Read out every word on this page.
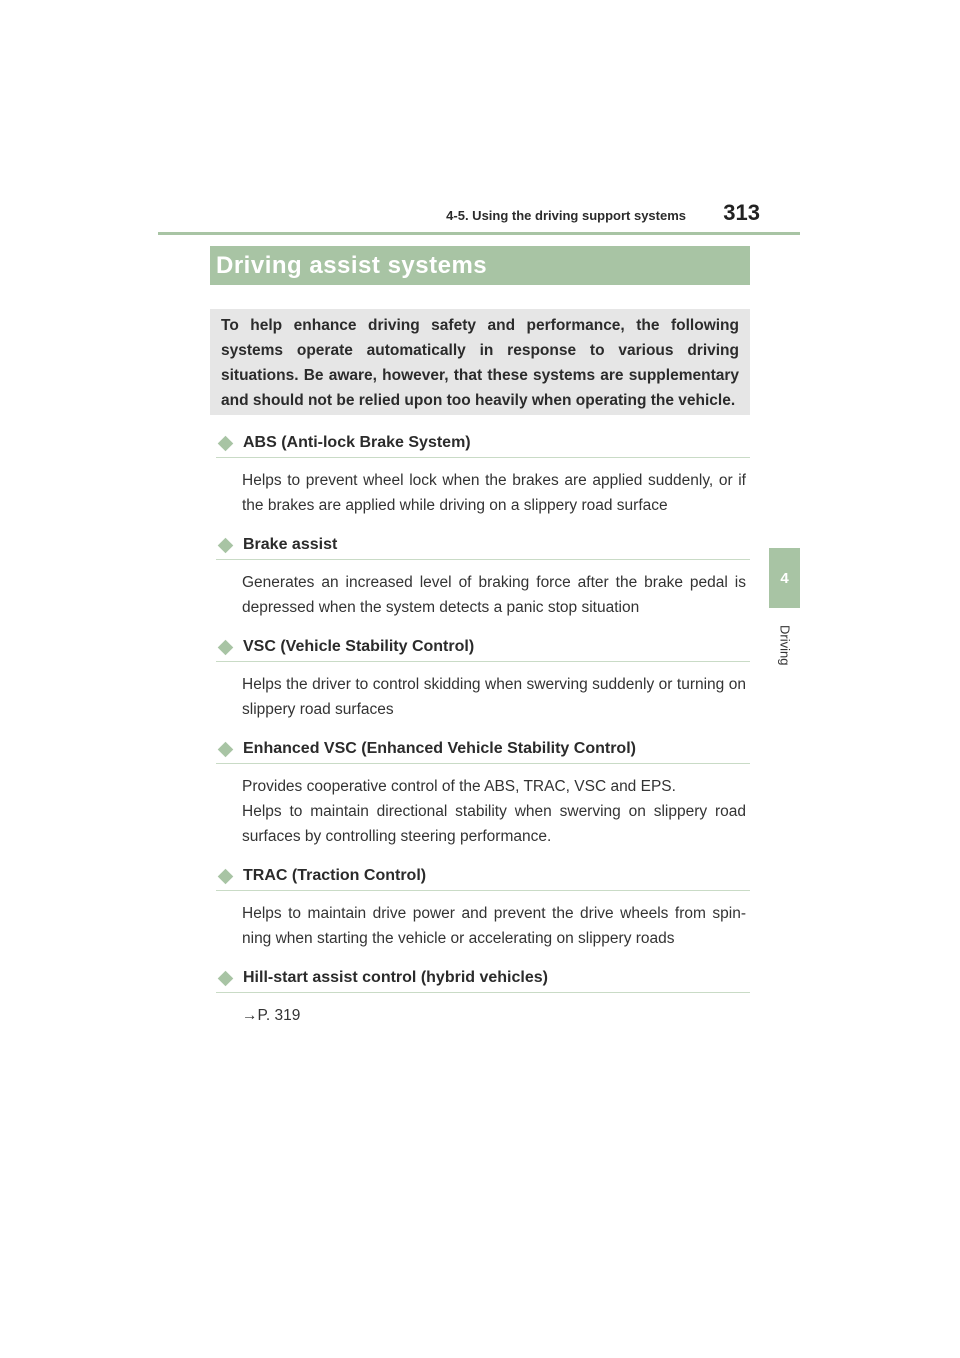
4-5. Using the driving support systems	313
4
Driving
Driving assist systems
To help enhance driving safety and performance, the following systems operate automatically in response to various driving situations. Be aware, however, that these systems are supplementary and should not be relied upon too heavily when operating the vehicle.
ABS (Anti-lock Brake System)

Helps to prevent wheel lock when the brakes are applied suddenly, or if the brakes are applied while driving on a slippery road surface

Brake assist

Generates an increased level of braking force after the brake pedal is depressed when the system detects a panic stop situation

VSC (Vehicle Stability Control)

Helps the driver to control skidding when swerving suddenly or turning on slippery road surfaces

Enhanced VSC (Enhanced Vehicle Stability Control)

Provides cooperative control of the ABS, TRAC, VSC and EPS.

Helps to maintain directional stability when swerving on slippery road surfaces by controlling steering performance.

TRAC (Traction Control)

Helps to maintain drive power and prevent the drive wheels from spin-ning when starting the vehicle or accelerating on slippery roads

Hill-start assist control (hybrid vehicles)

→P. 319
